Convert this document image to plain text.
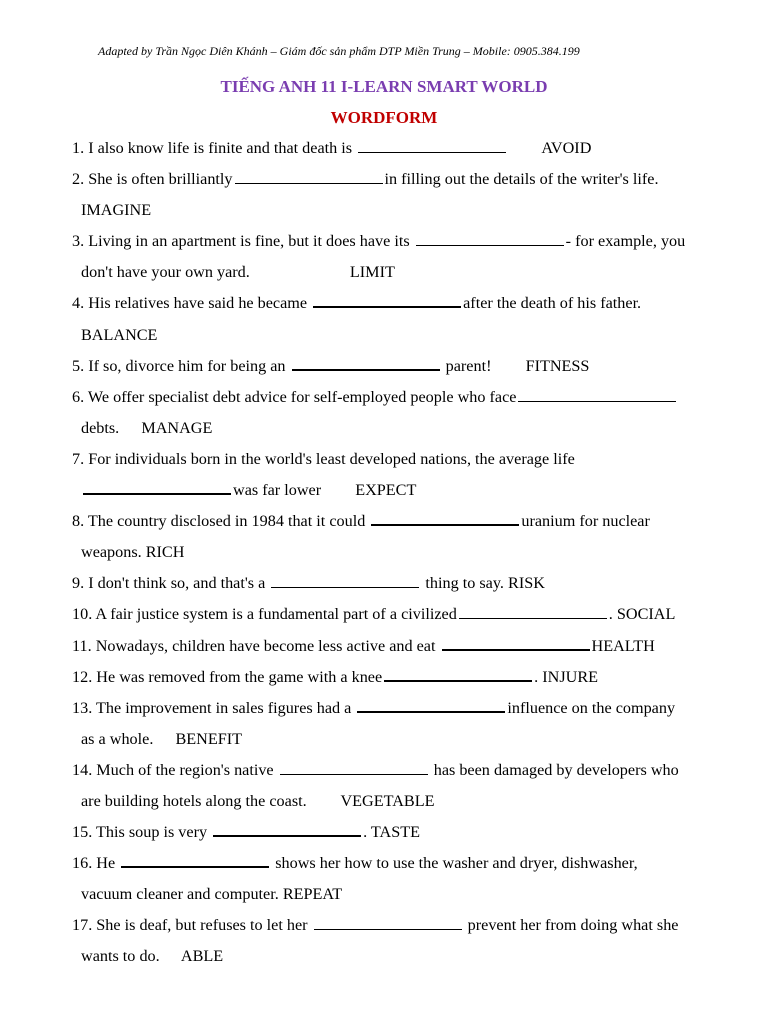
Adapted by Trần Ngọc Diên Khánh – Giám đốc sản phẩm DTP Miền Trung – Mobile: 0905.384.199
TIẾNG ANH 11 I-LEARN SMART WORLD
WORDFORM
1. I also know life is finite and that death is	AVOID
2. She is often brilliantly	in filling out the details of the writer's life.
IMAGINE
3. Living in an apartment is fine, but it does have its	- for example, you
don't have your own yard.	LIMIT
4. His relatives have said he became	after the death of his father.
BALANCE
5. If so, divorce him for being an	parent! FITNESS
6. We offer specialist debt advice for self-employed people who face
debts. MANAGE
7. For individuals born in the world's least developed nations, the average life
was far lower EXPECT
8. The country disclosed in 1984 that it could	uranium for nuclear
weapons. RICH
9. I don't think so, and that's a	thing to say. RISK
10. A fair justice system is a fundamental part of a civilized	. SOCIAL
11. Nowadays, children have become less active and eat	HEALTH
12. He was removed from the game with a knee	. INJURE
13. The improvement in sales figures had a	influence on the company
as a whole. BENEFIT
14. Much of the region's native	has been damaged by developers who
are building hotels along the coast. VEGETABLE
15. This soup is very	. TASTE
16. He	shows her how to use the washer and dryer, dishwasher,
vacuum cleaner and computer. REPEAT
17. She is deaf, but refuses to let her	prevent her from doing what she
wants to do. ABLE
